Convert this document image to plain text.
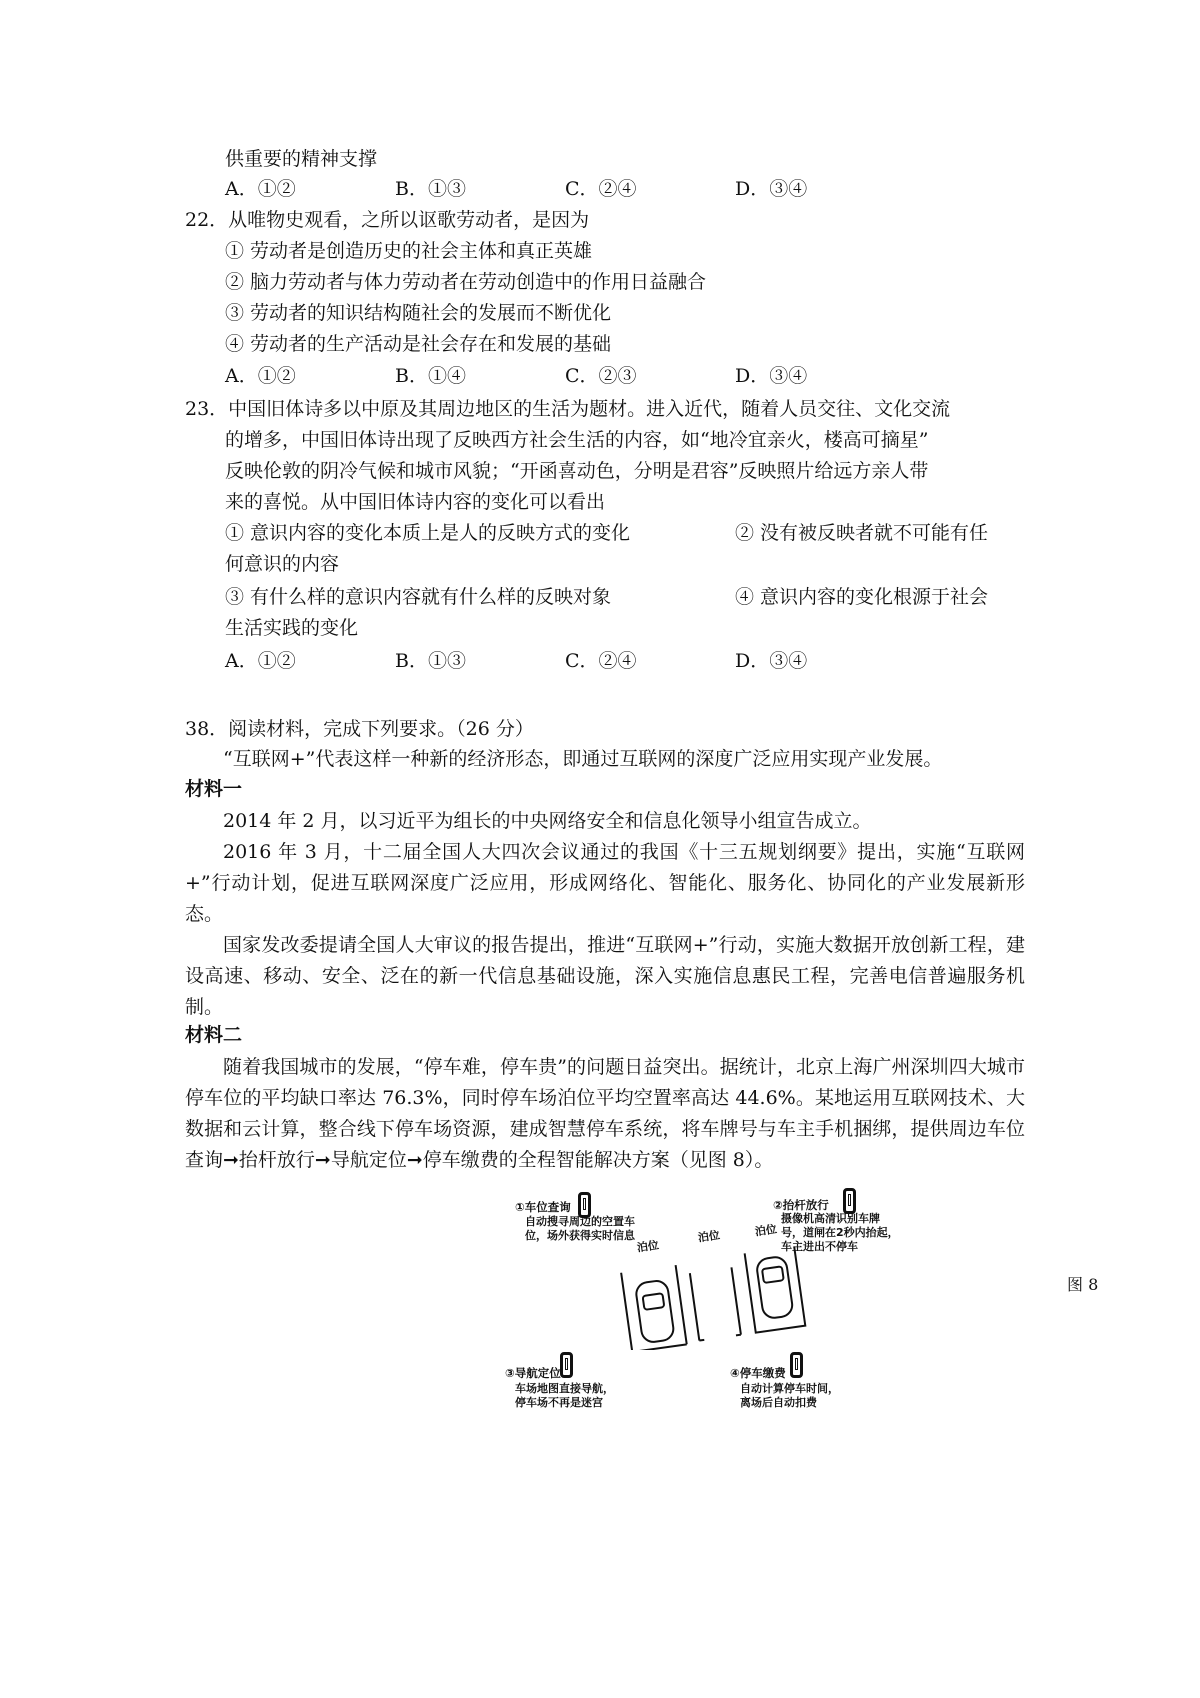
供重要的精神支撑
A．①②	B．①③	C．②④	D．③④
22．从唯物史观看，之所以讴歌劳动者，是因为
① 劳动者是创造历史的社会主体和真正英雄
② 脑力劳动者与体力劳动者在劳动创造中的作用日益融合
③ 劳动者的知识结构随社会的发展而不断优化
④ 劳动者的生产活动是社会存在和发展的基础
A．①②	B．①④	C．②③	D．③④
23．中国旧体诗多以中原及其周边地区的生活为题材。进入近代，随着人员交往、文化交流
的增多，中国旧体诗出现了反映西方社会生活的内容，如“地冷宜亲火，楼高可摘星”
反映伦敦的阴冷气候和城市风貌；“开函喜动色，分明是君容”反映照片给远方亲人带
来的喜悦。从中国旧体诗内容的变化可以看出
① 意识内容的变化本质上是人的反映方式的变化	② 没有被反映者就不可能有任
何意识的内容
③ 有什么样的意识内容就有什么样的反映对象	④ 意识内容的变化根源于社会
生活实践的变化
A．①②	B．①③	C．②④	D．③④
38．阅读材料，完成下列要求。（26 分）
“互联网+”代表这样一种新的经济形态，即通过互联网的深度广泛应用实现产业发展。
材料一
2014 年 2 月，以习近平为组长的中央网络安全和信息化领导小组宣告成立。
2016 年 3 月，十二届全国人大四次会议通过的我国《十三五规划纲要》提出，实施“互联网+”行动计划，促进互联网深度广泛应用，形成网络化、智能化、服务化、协同化的产业发展新形态。
国家发改委提请全国人大审议的报告提出，推进“互联网+”行动，实施大数据开放创新工程，建设高速、移动、安全、泛在的新一代信息基础设施，深入实施信息惠民工程，完善电信普遍服务机制。
材料二
随着我国城市的发展，“停车难，停车贵”的问题日益突出。据统计，北京上海广州深圳四大城市停车位的平均缺口率达 76.3%，同时停车场泊位平均空置率高达 44.6%。某地运用互联网技术、大数据和云计算，整合线下停车场资源，建成智慧停车系统，将车牌号与车主手机捆绑，提供周边车位查询➞抬杆放行➞导航定位➞停车缴费的全程智能解决方案（见图 8）。
图 8
①车位查询
自动搜寻周边的空置车
位，场外获得实时信息
②抬杆放行
摄像机高清识别车牌
号，道闸在2秒内抬起，
车主进出不停车
泊位
泊位	泊位
③导航定位
车场地图直接导航，
停车场不再是迷宫
④停车缴费
自动计算停车时间，
离场后自动扣费
